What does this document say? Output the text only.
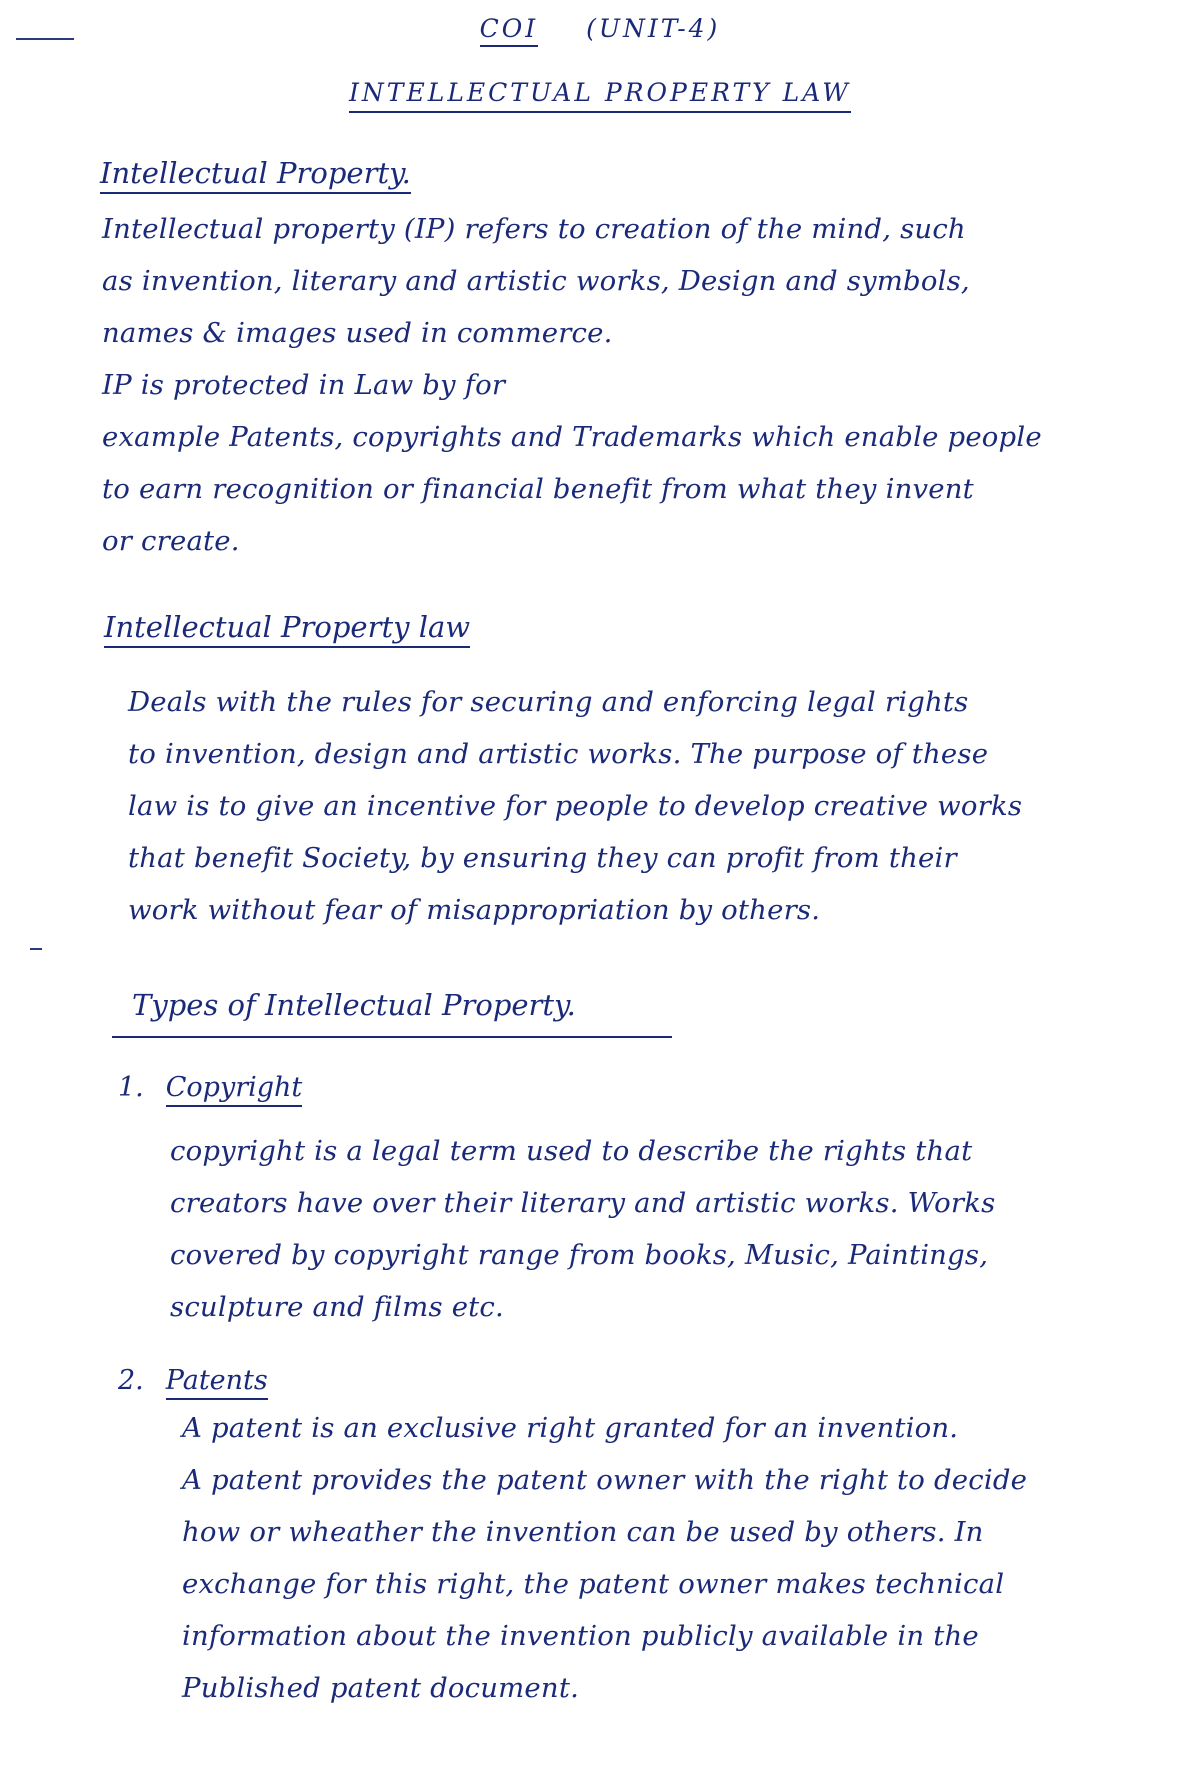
COI (UNIT-4)
INTELLECTUAL PROPERTY LAW
Intellectual Property.

Intellectual property (IP) refers to creation of the mind, such
as invention, literary and artistic works, Design and symbols,
names & images used in commerce.
IP is protected in Law by for
example Patents, copyrights and Trademarks which enable people
to earn recognition or financial benefit from what they invent
or create.

Intellectual Property law

Deals with the rules for securing and enforcing legal rights
to invention, design and artistic works. The purpose of these
law is to give an incentive for people to develop creative works
that benefit Society, by ensuring they can profit from their
work without fear of misappropriation by others.

Types of Intellectual Property.
1. Copyright

copyright is a legal term used to describe the rights that
creators have over their literary and artistic works. Works
covered by copyright range from books, Music, Paintings,
sculpture and films etc.

2. Patents

A patent is an exclusive right granted for an invention.
A patent provides the patent owner with the right to decide
how or wheather the invention can be used by others. In
exchange for this right, the patent owner makes technical
information about the invention publicly available in the
Published patent document.
